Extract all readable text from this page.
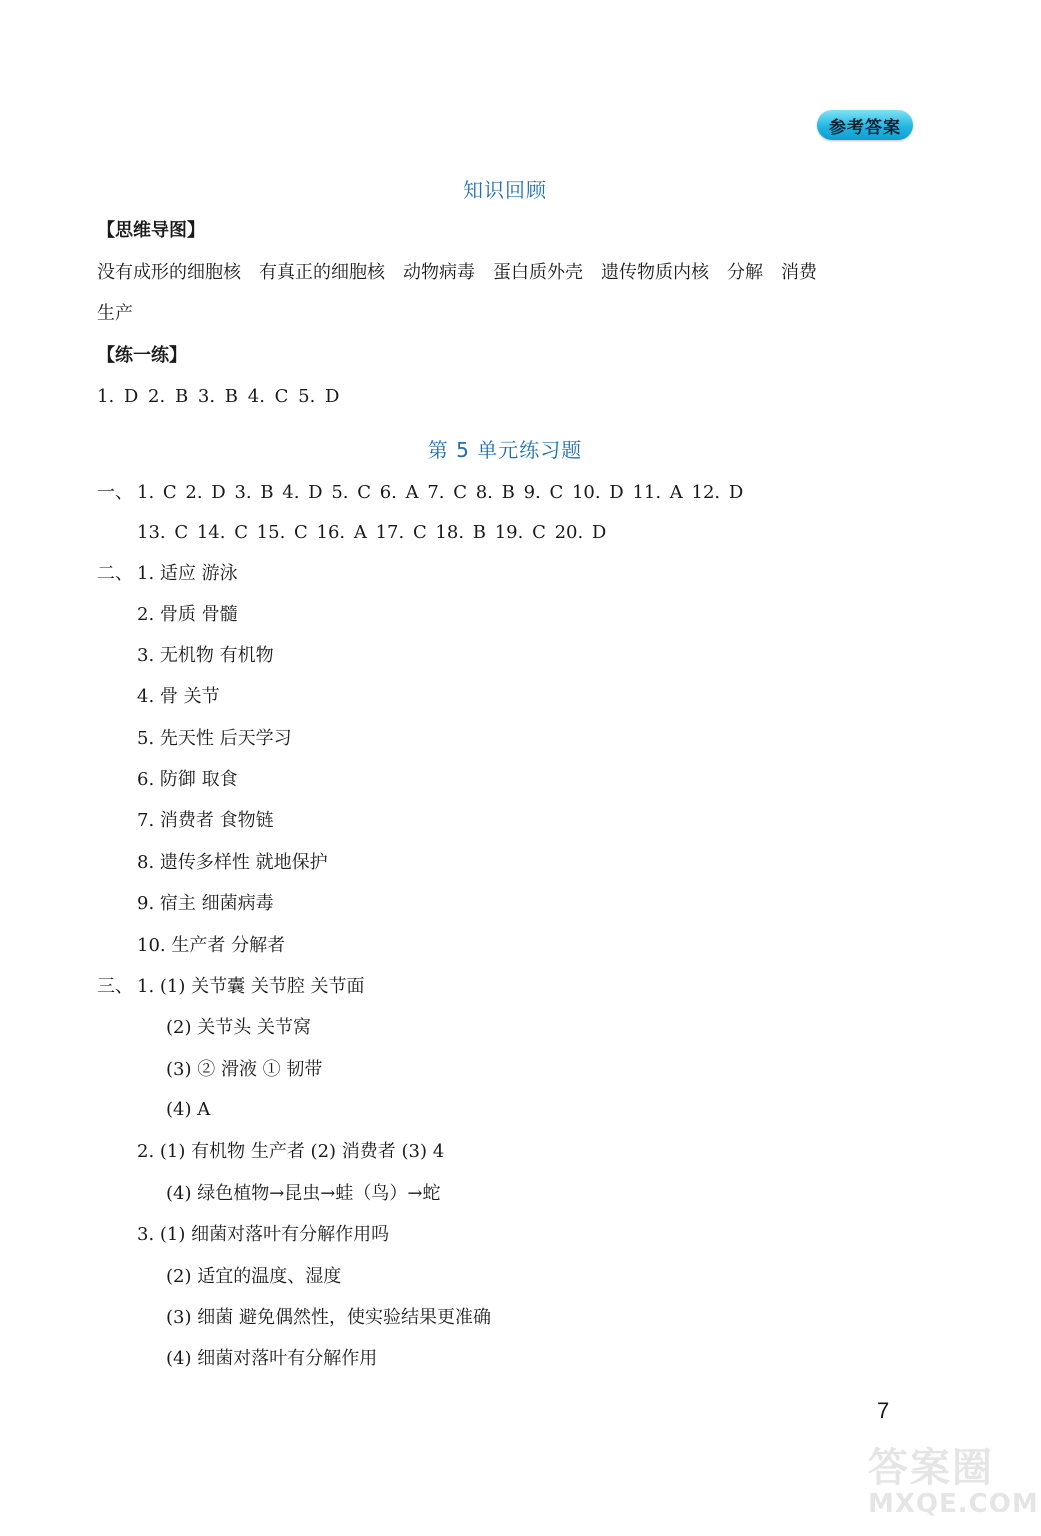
参考答案
知识回顾
【思维导图】
没有成形的细胞核 有真正的细胞核 动物病毒 蛋白质外壳 遗传物质内核 分解 消费
生产
【练一练】
1. D 2. B 3. B 4. C 5. D
第 5 单元练习题
一、 1. C 2. D 3. B 4. D 5. C 6. A 7. C 8. B 9. C 10. D 11. A 12. D
13. C 14. C 15. C 16. A 17. C 18. B 19. C 20. D
二、 1. 适应 游泳
2. 骨质 骨髓
3. 无机物 有机物
4. 骨 关节
5. 先天性 后天学习
6. 防御 取食
7. 消费者 食物链
8. 遗传多样性 就地保护
9. 宿主 细菌病毒
10. 生产者 分解者
三、 1. (1) 关节囊 关节腔 关节面
(2) 关节头 关节窝
(3) ② 滑液 ① 韧带
(4) A
2. (1) 有机物 生产者 (2) 消费者 (3) 4
(4) 绿色植物→昆虫→蛙（鸟）→蛇
3. (1) 细菌对落叶有分解作用吗
(2) 适宜的温度、湿度
(3) 细菌 避免偶然性，使实验结果更准确
(4) 细菌对落叶有分解作用
7
答案圈
MXQE.COM
